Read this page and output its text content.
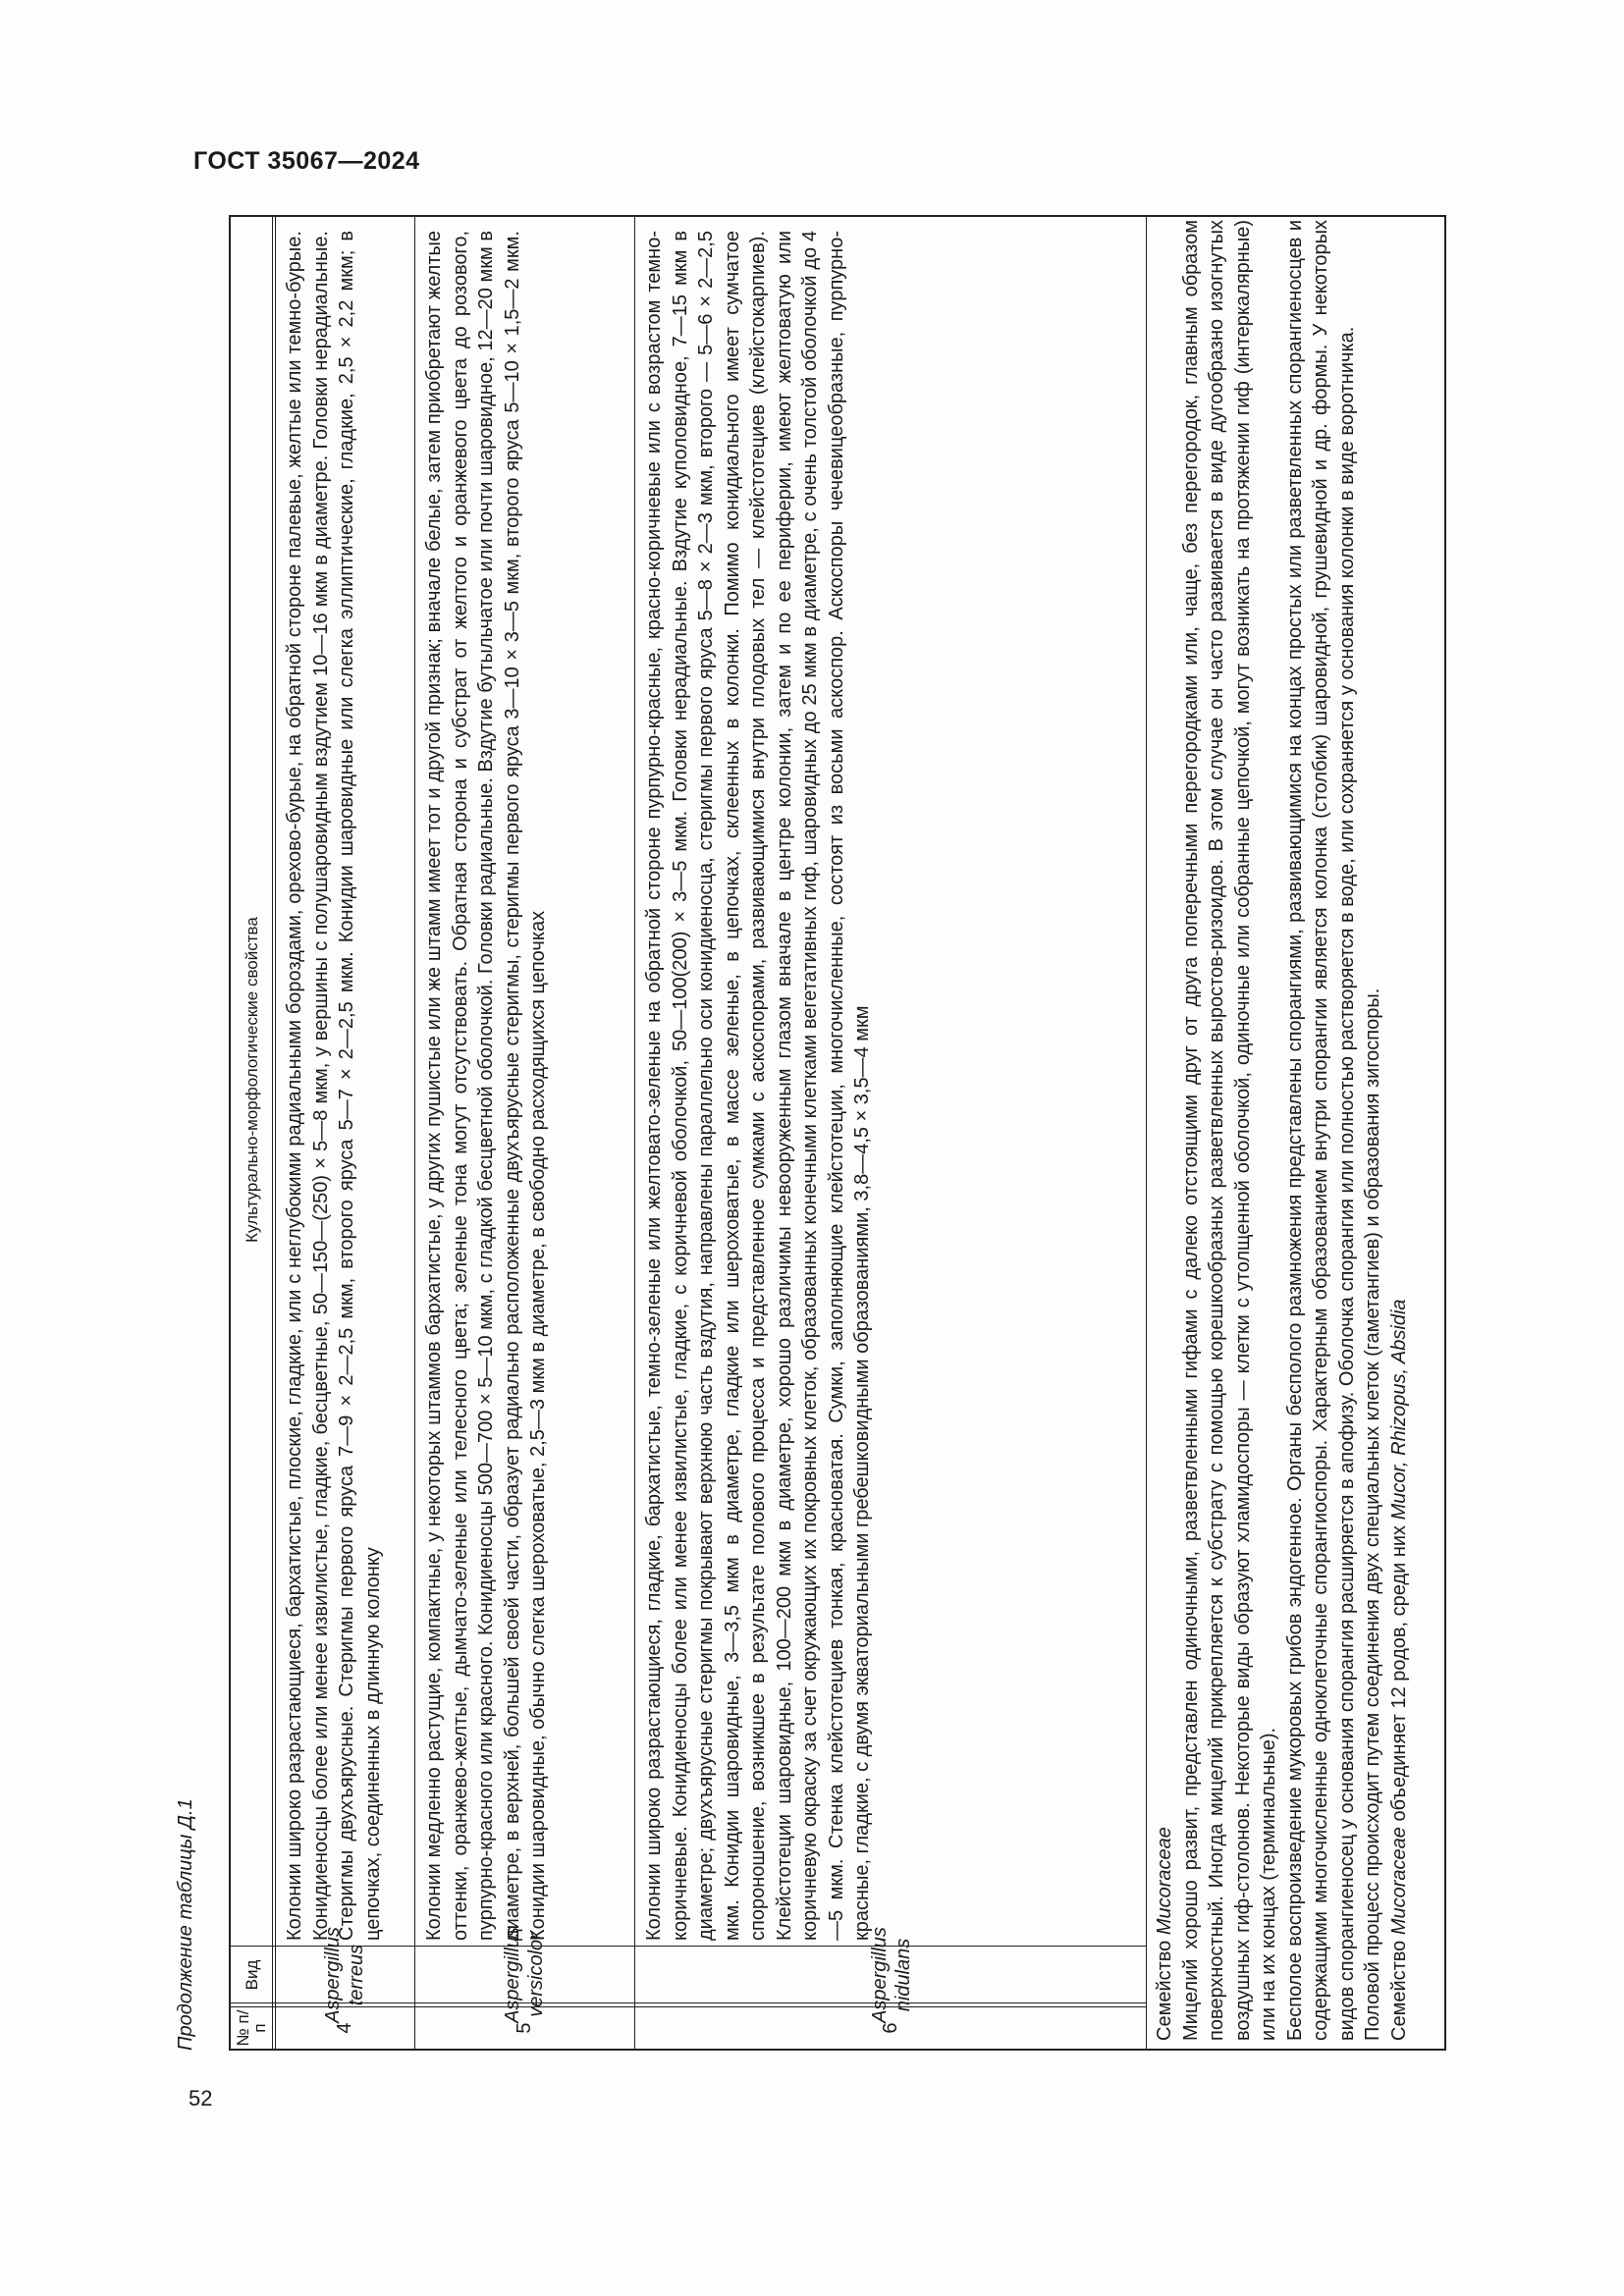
ГОСТ 35067—2024
Продолжение таблицы Д.1 № п/п
Вид
Культурально-морфологические свойства
4
Aspergillus terreus
Колонии широко разрастающиеся, бархатистые, плоские, гладкие, или с неглубокими радиальными бороздами, орехово-бурые, на обратной стороне палевые, желтые или темно-бурые. Конидиеносцы более или менее извилистые, гладкие, бесцветные, 50—150—(250) × 5—8 мкм, у вершины с полушаровидным вздутием 10—16 мкм в диаметре. Головки нерадиальные. Стеригмы двухъярусные. Стеригмы первого яруса 7—9 × 2—2,5 мкм, второго яруса 5—7 × 2—2,5 мкм. Конидии шаровидные или слегка эллиптические, гладкие, 2,5 × 2,2 мкм; в цепочках, соединенных в длинную колонку
5
Aspergillus versicolor
Колонии медленно растущие, компактные, у некоторых штаммов бархатистые, у других пушистые или же штамм имеет тот и другой признак; вначале белые, затем приобретают желтые оттенки, оранжево-желтые, дымчато-зеленые или телесного цвета; зеленые тона могут отсутствовать. Обратная сторона и субстрат от желтого и оранжевого цвета до розового, пурпурно-красного или красного. Конидиеносцы 500—700 × 5—10 мкм, с гладкой бесцветной оболочкой. Головки радиальные. Вздутие бутыльчатое или почти шаровидное, 12—20 мкм в диаметре, в верхней, большей своей части, образует радиально расположенные двухъярусные стеригмы, стеригмы первого яруса 3—10 × 3—5 мкм, второго яруса 5—10 × 1,5—2 мкм. Конидии шаровидные, обычно слегка шероховатые, 2,5—3 мкм в диаметре, в свободно расходящихся цепочках
6
Aspergillus nidulans
Колонии широко разрастающиеся, гладкие, бархатистые, темно-зеленые или желтовато-зеленые на обратной стороне пурпурно-красные, красно-коричневые или с возрастом темно-коричневые. Конидиеносцы более или менее извилистые, гладкие, с коричневой оболочкой, 50—100(200) × 3—5 мкм. Головки нерадиальные. Вздутие куполовидное, 7—15 мкм в диаметре; двухъярусные стеригмы покрывают верхнюю часть вздутия, направлены параллельно оси конидиеносца, стеригмы первого яруса 5—8 × 2—3 мкм, второго — 5—6 × 2—2,5 мкм. Конидии шаровидные, 3—3,5 мкм в диаметре, гладкие или шероховатые, в массе зеленые, в цепочках, склеенных в колонки. Помимо конидиального имеет сумчатое спороношение, возникшее в результате полового процесса и представленное сумками с аскоспорами, развивающимися внутри плодовых тел — клейстотециев (клейстокарпиев). Клейстотеции шаровидные, 100—200 мкм в диаметре, хорошо различимы невооруженным глазом вначале в центре колонии, затем и по ее периферии, имеют желтоватую или коричневую окраску за счет окружающих их покровных клеток, образованных конечными клетками вегетативных гиф, шаровидных до 25 мкм в диаметре, с очень толстой оболочкой до 4—5 мкм. Стенка клейстотециев тонкая, красноватая. Сумки, заполняющие клейстотеции, многочисленные, состоят из восьми аскоспор. Аскоспоры чечевицеобразные, пурпурно-красные, гладкие, с двумя экваториальными гребешковидными образованиями, 3,8—4,5 × 3,5—4 мкм

Семейство Mucoraceae Мицелий хорошо развит, представлен одиночными, разветвленными гифами с далеко отстоящими друг от друга поперечными перегородками или, чаще, без перегородок, главным образом поверхностный. Иногда мицелий прикрепляется к субстрату с помощью корешкообразных разветвленных выростов-ризоидов. В этом случае он часто развивается в виде дугообразно изогнутых воздушных гиф-столонов. Некоторые виды образуют хламидоспоры — клетки с утолщенной оболочкой, одиночные или собранные цепочкой, могут возникать на протяжении гиф (интеркалярные) или на их концах (терминальные). Бесполое воспроизведение мукоровых грибов эндогенное. Органы бесполого размножения представлены спорангиями, развивающимися на концах простых или разветвленных спорангиеносцев и содержащими многочисленные одноклеточные спорангиоспоры. Характерным образованием внутри спорангии является колонка (столбик) шаровидной, грушевидной и др. формы. У некоторых видов спорангиеносец у основания спорангия расширяется в апофизу. Оболочка спорангия или полностью растворяется в воде, или сохраняется у основания колонки в виде воротничка. Половой процесс происходит путем соединения двух специальных клеток (гаметангиев) и образования зигоспоры. Семейство Mucoraceae объединяет 12 родов, среди них Mucor, Rhizopus, Absidia

52
